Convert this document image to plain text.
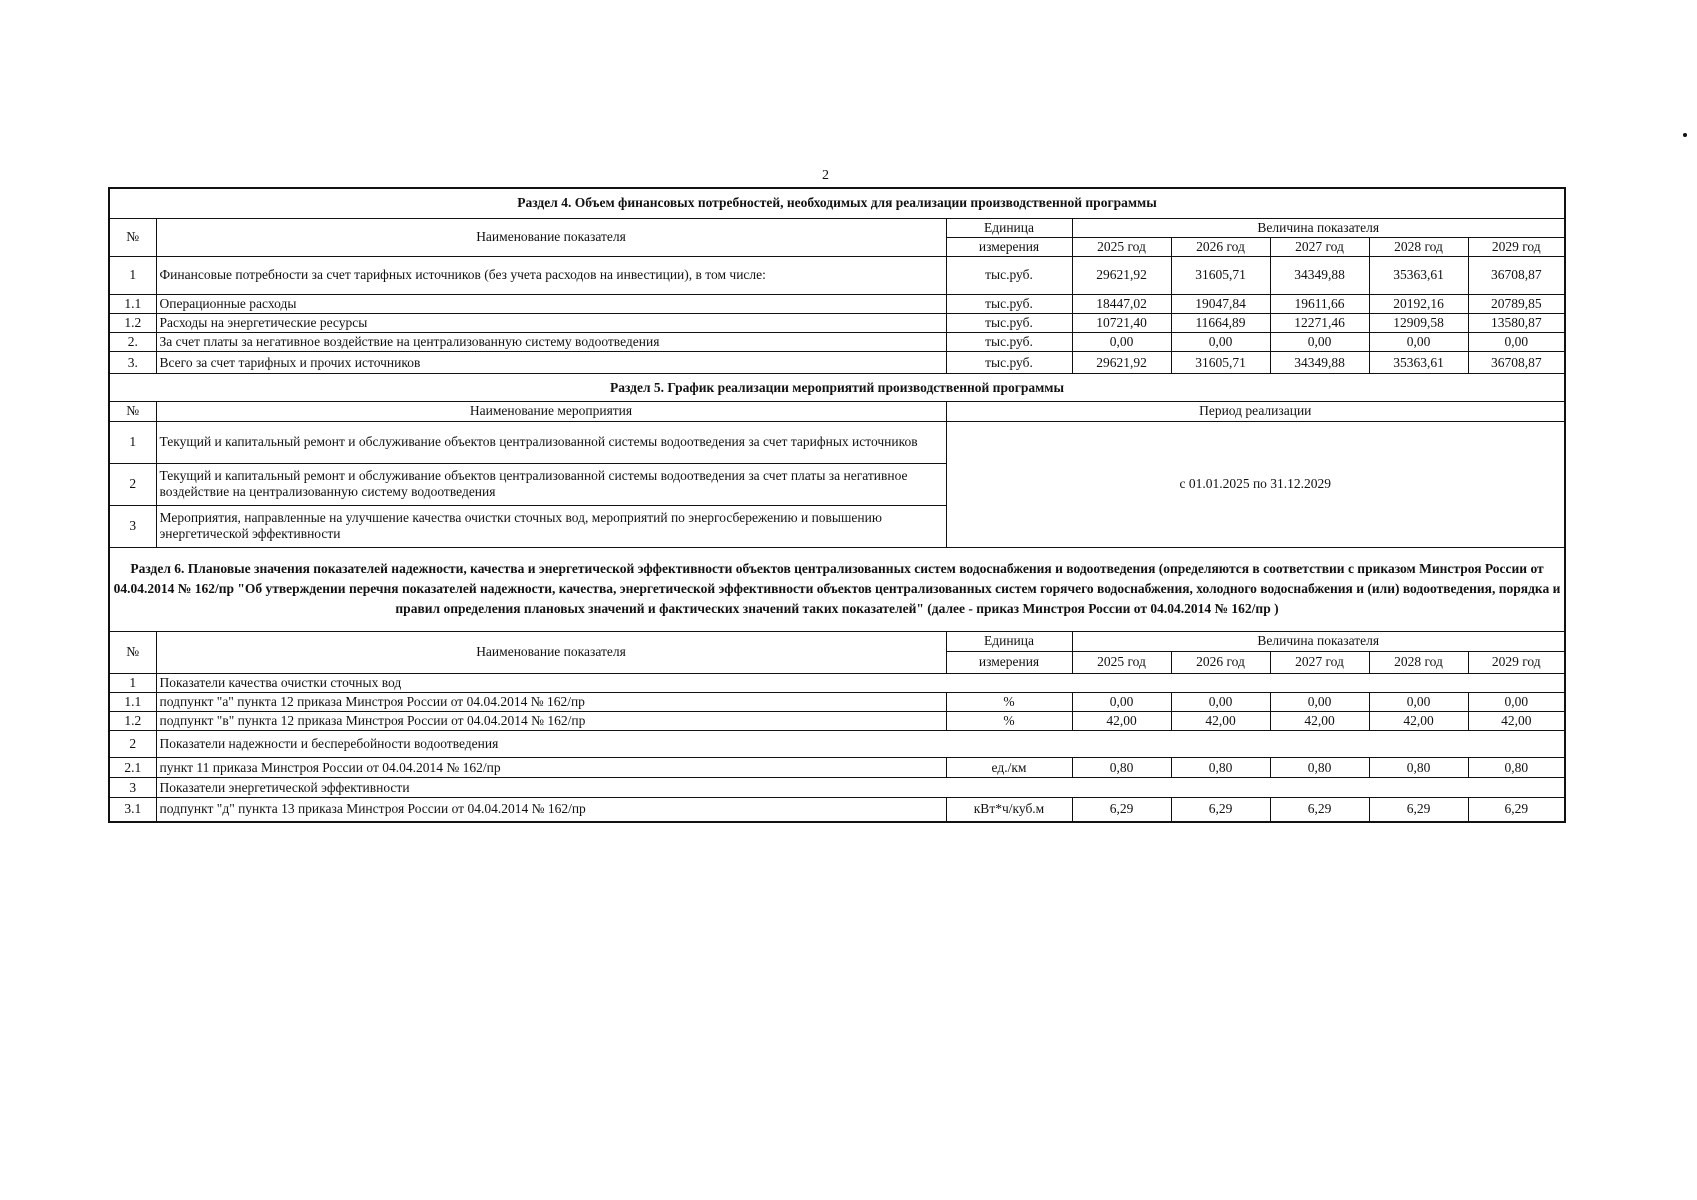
2
Раздел 4. Объем финансовых потребностей, необходимых для реализации производственной программы							
№	Наименование показателя	Единица	Величина показателя				
		измерения	2025 год	2026 год	2027 год	2028 год	2029 год
1	Финансовые потребности за счет тарифных источников (без учета расходов на инвестиции), в том числе:	тыс.руб.	29621,92	31605,71	34349,88	35363,61	36708,87
1.1	Операционные расходы	тыс.руб.	18447,02	19047,84	19611,66	20192,16	20789,85
1.2	Расходы на энергетические ресурсы	тыс.руб.	10721,40	11664,89	12271,46	12909,58	13580,87
2.	За счет платы за негативное воздействие на централизованную систему водоотведения	тыс.руб.	0,00	0,00	0,00	0,00	0,00
3.	Всего за счет тарифных и прочих источников	тыс.руб.	29621,92	31605,71	34349,88	35363,61	36708,87
Раздел 5. График реализации мероприятий производственной программы							
№	Наименование мероприятия	Период реализации					
1	Текущий и капитальный ремонт и обслуживание объектов централизованной системы водоотведения за счет тарифных источников	с 01.01.2025 по 31.12.2029					
2	Текущий и капитальный ремонт и обслуживание объектов централизованной системы водоотведения за счет платы за негативное воздействие на централизованную систему водоотведения						
3	Мероприятия, направленные на улучшение качества очистки сточных вод, мероприятий по энергосбережению и повышению энергетической эффективности						
Раздел 6. Плановые значения показателей надежности, качества и энергетической эффективности объектов централизованных систем водоснабжения и водоотведения (определяются в соответствии с приказом Минстроя России от 04.04.2014 № 162/пр "Об утверждении перечня показателей надежности, качества, энергетической эффективности объектов централизованных систем горячего водоснабжения, холодного водоснабжения и (или) водоотведения, порядка и правил определения плановых значений и фактических значений таких показателей" (далее - приказ Минстроя России от 04.04.2014 № 162/пр )							
№	Наименование показателя	Единица	Величина показателя				
		измерения	2025 год	2026 год	2027 год	2028 год	2029 год
1	Показатели качества очистки сточных вод						
1.1	подпункт "а" пункта 12 приказа Минстроя России от 04.04.2014 № 162/пр	%	0,00	0,00	0,00	0,00	0,00
1.2	подпункт "в" пункта 12 приказа Минстроя России от 04.04.2014 № 162/пр	%	42,00	42,00	42,00	42,00	42,00
2	Показатели надежности и бесперебойности водоотведения						
2.1	пункт 11 приказа Минстроя России от 04.04.2014 № 162/пр	ед./км	0,80	0,80	0,80	0,80	0,80
3	Показатели энергетической эффективности						
3.1	подпункт "д" пункта 13 приказа Минстроя России от 04.04.2014 № 162/пр	кВт*ч/куб.м	6,29	6,29	6,29	6,29	6,29
